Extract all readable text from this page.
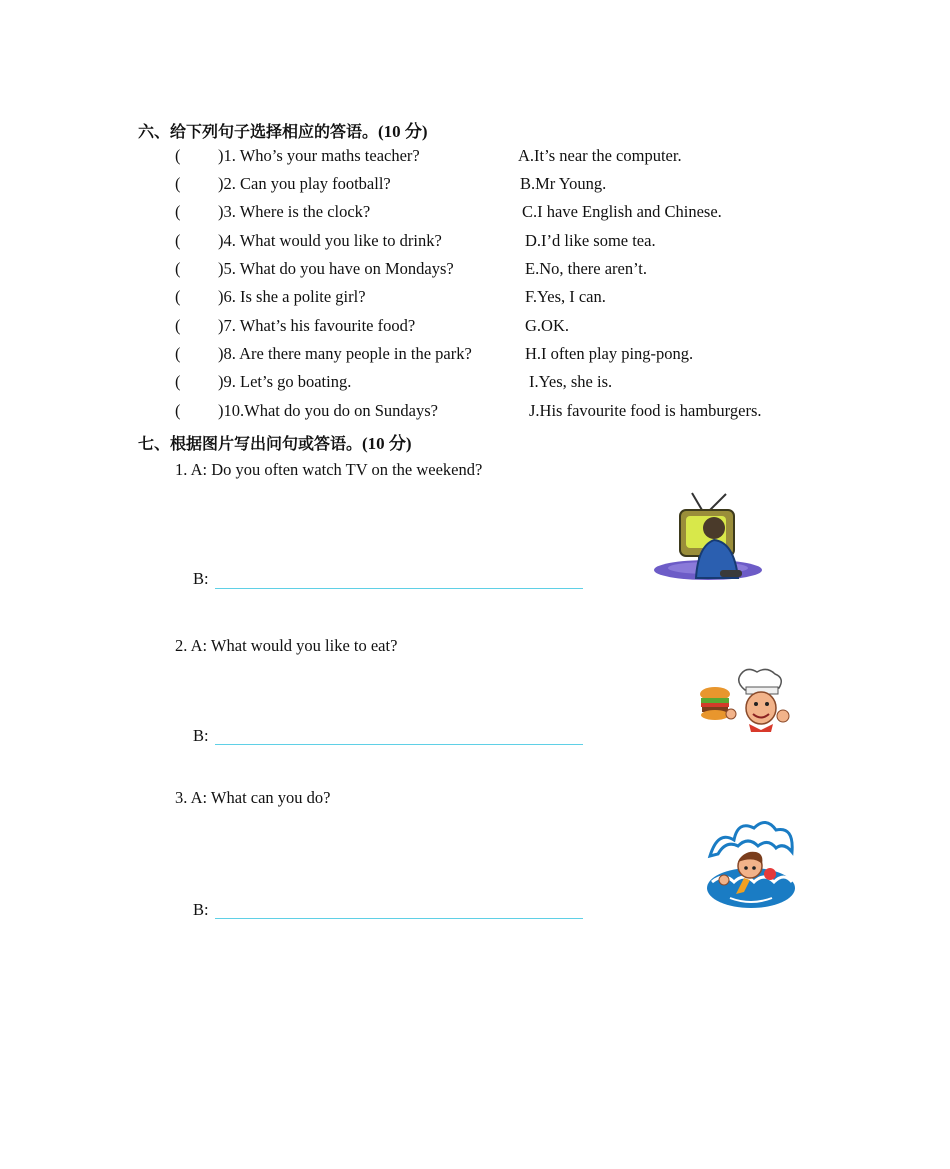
六、给下列句子选择相应的答语。(10 分)
( )1. Who’s your maths teacher?	A.It’s near the computer.
( )2. Can you play football?	B.Mr Young.
( )3. Where is the clock?	C.I have English and Chinese.
( )4. What would you like to drink?	D.I’d like some tea.
( )5. What do you have on Mondays?	E.No, there aren’t.
( )6. Is she a polite girl?	F.Yes, I can.
( )7. What’s his favourite food?	G.OK.
( )8. Are there many people in the park?	H.I often play ping-pong.
( )9. Let’s go boating.	I.Yes, she is.
( )10.What do you do on Sundays?	J.His favourite food is hamburgers.
七、根据图片写出问句或答语。(10 分)
1. A: Do you often watch TV on the weekend?
B:
2. A: What would you like to eat?
B:
3. A: What can you do?
B:
